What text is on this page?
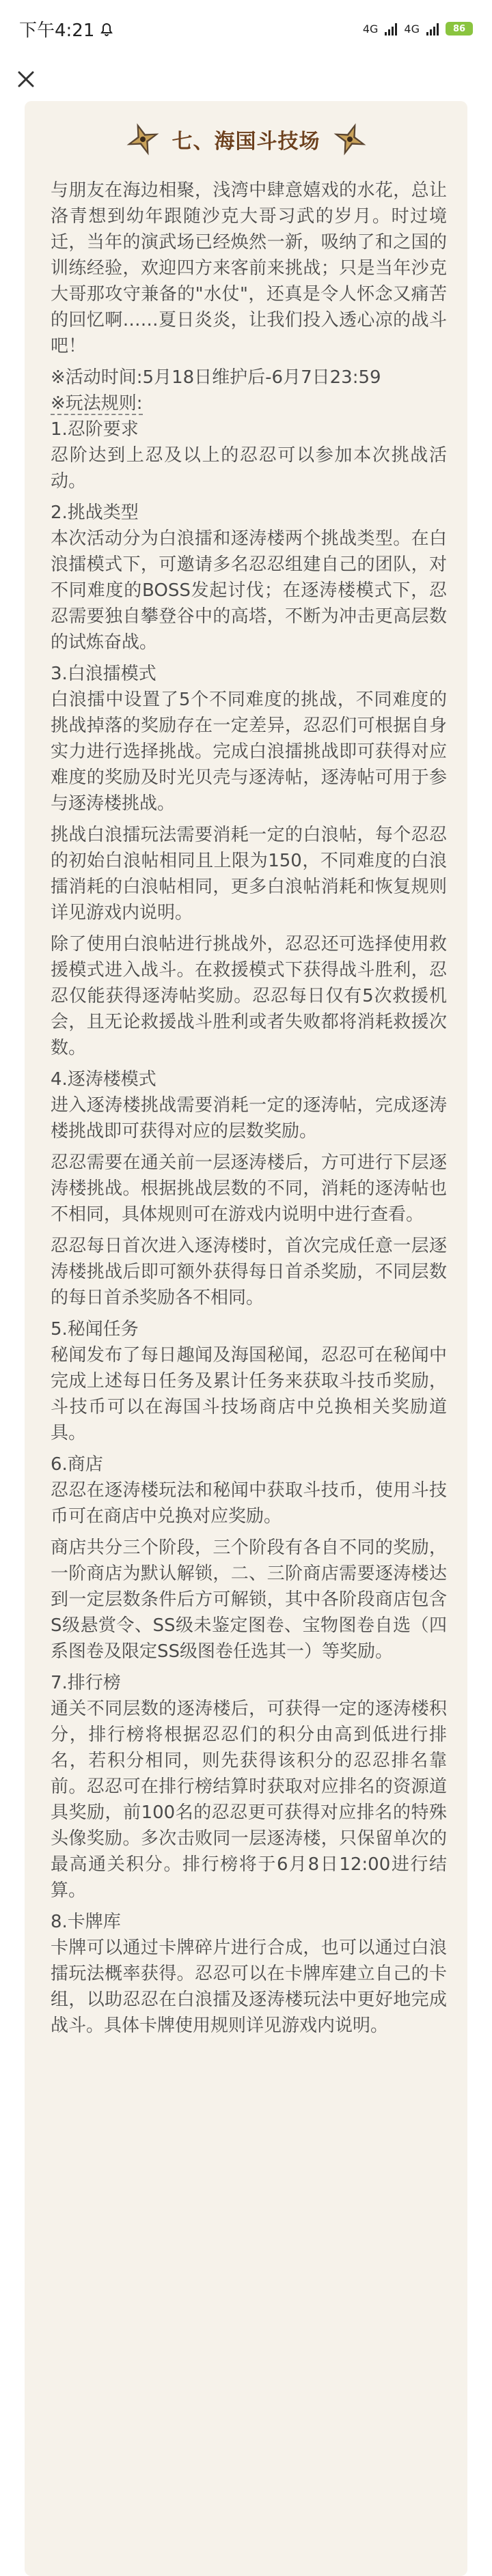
下午4:21	4G 4G	86
七、海国斗技场

与朋友在海边相聚，浅湾中肆意嬉戏的水花，总让洛青想到幼年跟随沙克大哥习武的岁月。时过境迁，当年的演武场已经焕然一新，吸纳了和之国的训练经验，欢迎四方来客前来挑战；只是当年沙克大哥那攻守兼备的"水仗"，还真是令人怀念又痛苦的回忆啊……夏日炎炎，让我们投入透心凉的战斗吧！

※活动时间:5月18日维护后-6月7日23:59

※玩法规则:

1.忍阶要求

忍阶达到上忍及以上的忍忍可以参加本次挑战活动。

2.挑战类型

本次活动分为白浪擂和逐涛楼两个挑战类型。在白浪擂模式下，可邀请多名忍忍组建自己的团队，对不同难度的BOSS发起讨伐；在逐涛楼模式下，忍忍需要独自攀登谷中的高塔，不断为冲击更高层数的试炼奋战。

3.白浪擂模式

白浪擂中设置了5个不同难度的挑战，不同难度的挑战掉落的奖励存在一定差异，忍忍们可根据自身实力进行选择挑战。完成白浪擂挑战即可获得对应难度的奖励及时光贝壳与逐涛帖，逐涛帖可用于参与逐涛楼挑战。

挑战白浪擂玩法需要消耗一定的白浪帖，每个忍忍的初始白浪帖相同且上限为150，不同难度的白浪擂消耗的白浪帖相同，更多白浪帖消耗和恢复规则详见游戏内说明。

除了使用白浪帖进行挑战外，忍忍还可选择使用救援模式进入战斗。在救援模式下获得战斗胜利，忍忍仅能获得逐涛帖奖励。忍忍每日仅有5次救援机会，且无论救援战斗胜利或者失败都将消耗救援次数。

4.逐涛楼模式

进入逐涛楼挑战需要消耗一定的逐涛帖，完成逐涛楼挑战即可获得对应的层数奖励。

忍忍需要在通关前一层逐涛楼后，方可进行下层逐涛楼挑战。根据挑战层数的不同，消耗的逐涛帖也不相同，具体规则可在游戏内说明中进行查看。

忍忍每日首次进入逐涛楼时，首次完成任意一层逐涛楼挑战后即可额外获得每日首杀奖励，不同层数的每日首杀奖励各不相同。

5.秘闻任务

秘闻发布了每日趣闻及海国秘闻，忍忍可在秘闻中完成上述每日任务及累计任务来获取斗技币奖励，斗技币可以在海国斗技场商店中兑换相关奖励道具。

6.商店

忍忍在逐涛楼玩法和秘闻中获取斗技币，使用斗技币可在商店中兑换对应奖励。

商店共分三个阶段，三个阶段有各自不同的奖励，一阶商店为默认解锁，二、三阶商店需要逐涛楼达到一定层数条件后方可解锁，其中各阶段商店包含S级悬赏令、SS级未鉴定图卷、宝物图卷自选（四系图卷及限定SS级图卷任选其一）等奖励。

7.排行榜

通关不同层数的逐涛楼后，可获得一定的逐涛楼积分，排行榜将根据忍忍们的积分由高到低进行排名，若积分相同，则先获得该积分的忍忍排名靠前。忍忍可在排行榜结算时获取对应排名的资源道具奖励，前100名的忍忍更可获得对应排名的特殊头像奖励。多次击败同一层逐涛楼，只保留单次的最高通关积分。排行榜将于6月8日12:00进行结算。

8.卡牌库

卡牌可以通过卡牌碎片进行合成，也可以通过白浪擂玩法概率获得。忍忍可以在卡牌库建立自己的卡组，以助忍忍在白浪擂及逐涛楼玩法中更好地完成战斗。具体卡牌使用规则详见游戏内说明。
